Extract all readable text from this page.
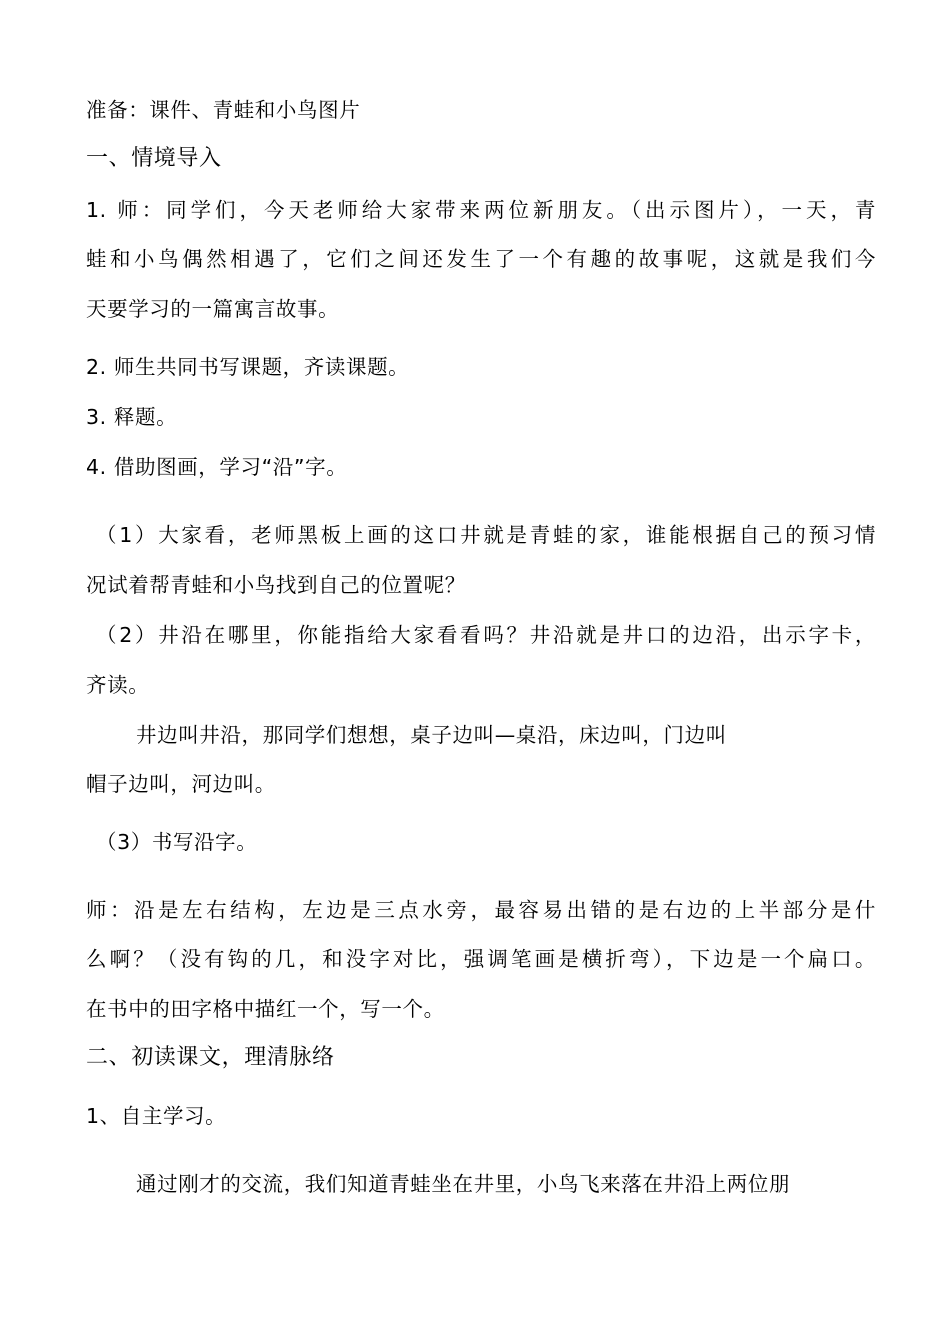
准备：课件、青蛙和小鸟图片
一、情境导入
1. 师：同学们，今天老师给大家带来两位新朋友。（出示图片），一天，青
蛙和小鸟偶然相遇了，它们之间还发生了一个有趣的故事呢，这就是我们今
天要学习的一篇寓言故事。
2. 师生共同书写课题，齐读课题。
3. 释题。
4. 借助图画，学习“沿”字。
（1）大家看，老师黑板上画的这口井就是青蛙的家，谁能根据自己的预习情
况试着帮青蛙和小鸟找到自己的位置呢？
（2）井沿在哪里，你能指给大家看看吗？井沿就是井口的边沿，出示字卡，
齐读。
井边叫井沿，那同学们想想，桌子边叫—桌沿，床边叫，门边叫
帽子边叫，河边叫。
（3）书写沿字。
师：沿是左右结构，左边是三点水旁，最容易出错的是右边的上半部分是什
么啊？（没有钩的几，和没字对比，强调笔画是横折弯），下边是一个扁口。
在书中的田字格中描红一个，写一个。
二、初读课文，理清脉络
1、自主学习。
通过刚才的交流，我们知道青蛙坐在井里，小鸟飞来落在井沿上两位朋
